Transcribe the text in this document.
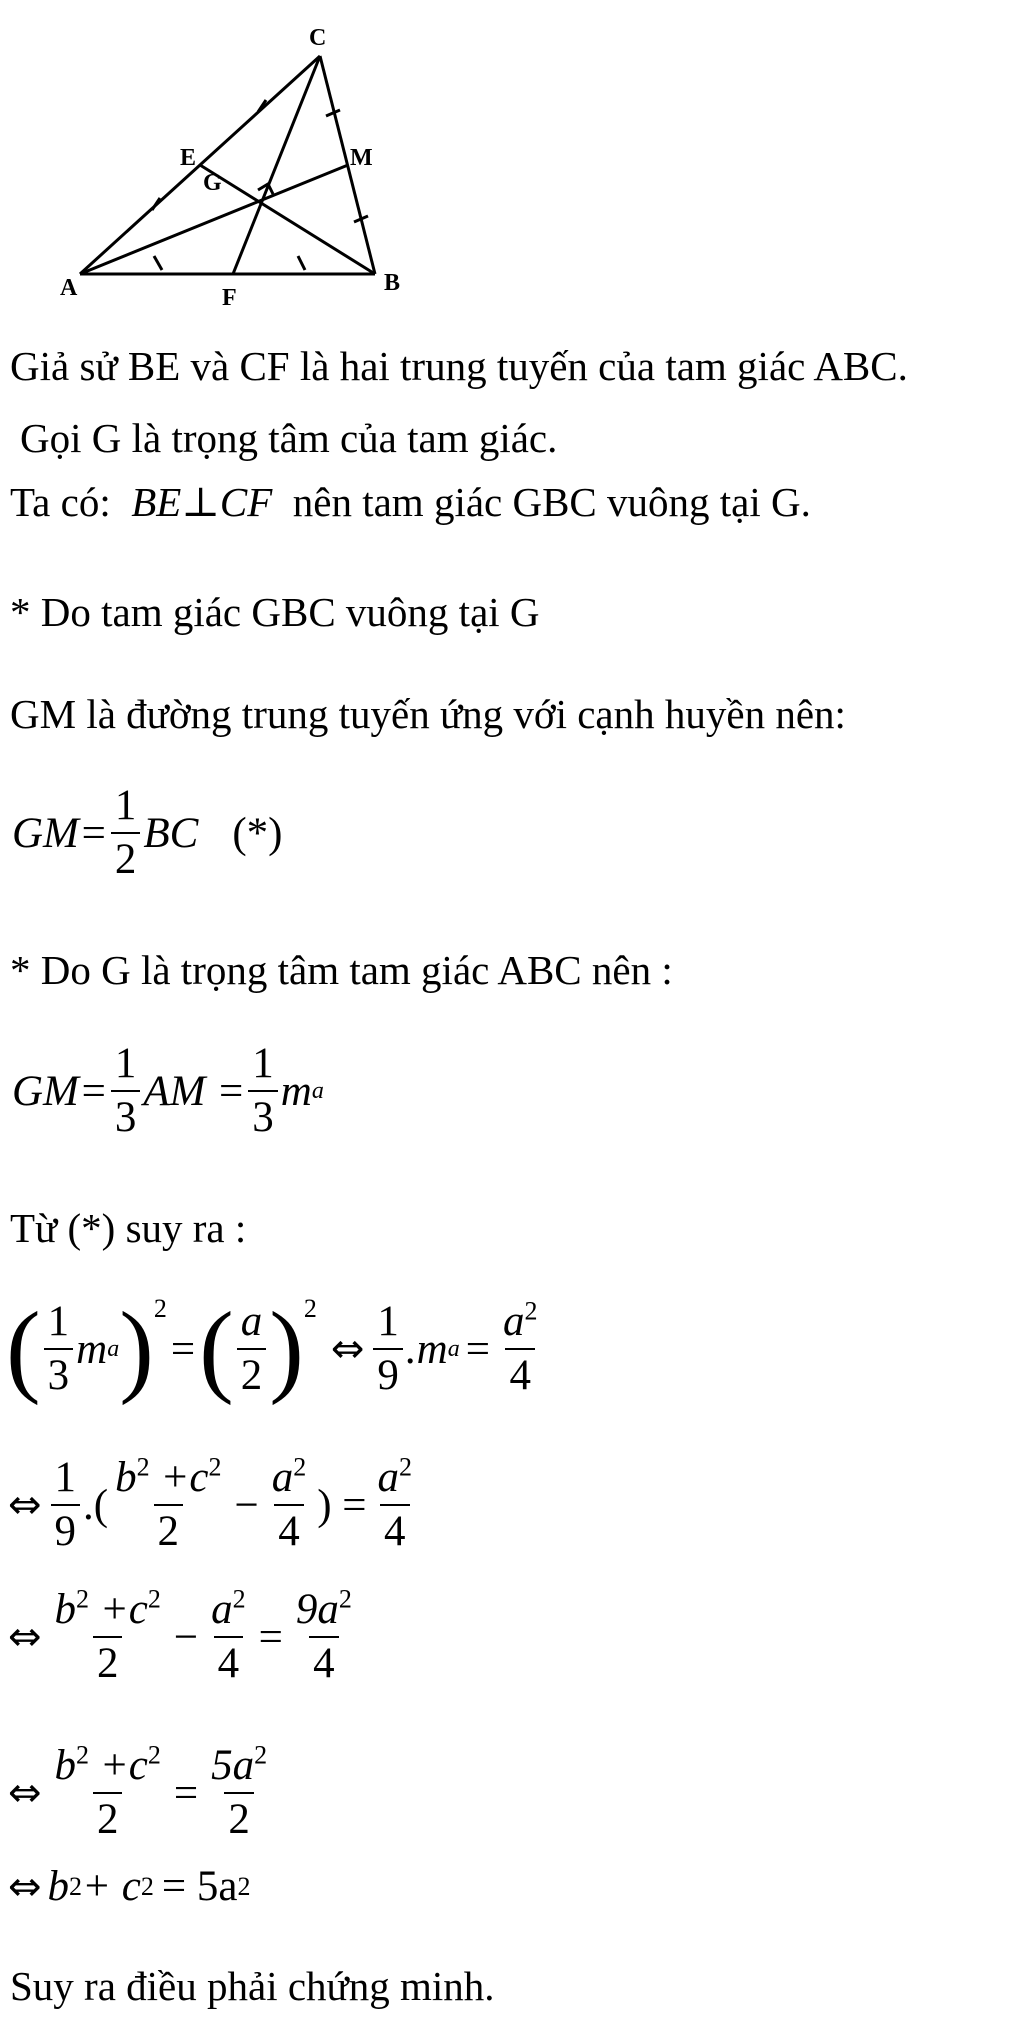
C
E
G
M
A	F
B
Giả sử BE và CF là hai trung tuyến của tam giác ABC.
Gọi G là trọng tâm của tam giác.
Ta có: BE⊥CF nên tam giác GBC vuông tại G.
* Do tam giác GBC vuông tại G
GM là đường trung tuyến ứng với cạnh huyền nên:
$GM= \frac{1}{2}$ BC (*)
* Do G là trọng tâm tam giác ABC nên :
$GM= \frac{1}{3}$ AM = $\frac{1}{3}$ m a
Từ (*) suy ra :
( $\frac{1}{3}$ m a ) 2
= ( $\frac{a}{2}$ ) 2
⇔ $\frac{1}{9} .m$ $a = \frac{a^2}{4}$
⇔ $\frac{1}{9}$ .( $\frac{b^2 +c^2}{2} - \frac{a^2}{4}$ ) = $\frac{a^2}{4}$
⇔ $\frac{b^2 +c^2}{2} - \frac{a^2}{4} = \frac{9a^2}{4}$
⇔ $\frac{b^2 +c^2}{2} = \frac{5a^2}{2}$
⇔ b 2 + c 2 = 5a 2
Suy ra điều phải chứng minh.
